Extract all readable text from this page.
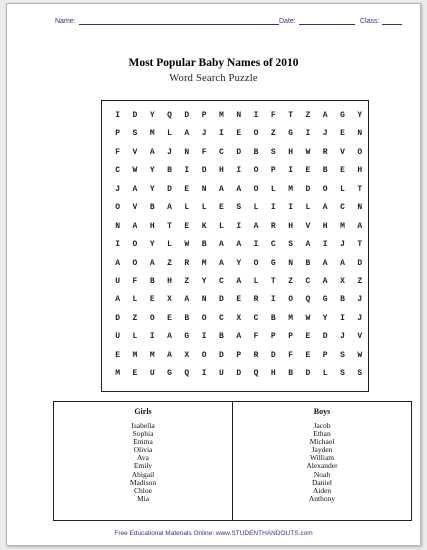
Name:	Date:	Class:
Most Popular Baby Names of 2010
Word Search Puzzle
I	D	Y	Q	D	P	M	N	I	F	T	Z	A	G	Y
P	S	M	L	A	J	I	E	O	Z	G	I	J	E	N
F	V	A	J	N	F	C	D	B	S	H	W	R	V	O
C	W	Y	B	I	D	H	I	O	P	I	E	B	E	H
J	A	Y	D	E	N	A	A	O	L	M	D	O	L	T
O	V	B	A	L	L	E	S	L	I	I	L	A	C	N
N	A	H	T	E	K	L	I	A	R	H	V	H	M	A
I	O	Y	L	W	B	A	A	I	C	S	A	I	J	T
A	O	A	Z	R	M	A	Y	O	G	N	B	A	A	D
U	F	B	H	Z	Y	C	A	L	T	Z	C	A	X	Z
A	L	E	X	A	N	D	E	R	I	O	Q	G	B	J
D	Z	O	E	B	O	C	X	C	B	M	W	Y	I	J
U	L	I	A	G	I	B	A	F	P	P	E	D	J	V
E	M	M	A	X	O	D	P	R	D	F	E	P	S	W
M	E	U	G	Q	I	U	D	Q	H	B	D	L	S	S
Girls
Isabella
Sophia
Emma
Olivia
Ava
Emily
Abigail
Madison
Chloe
Mia
Boys
Jacob
Ethan
Michael
Jayden
William
Alexander
Noah
Daniel
Aiden
Anthony
Free Educational Materials Online: www.STUDENTHANDOUTS.com
